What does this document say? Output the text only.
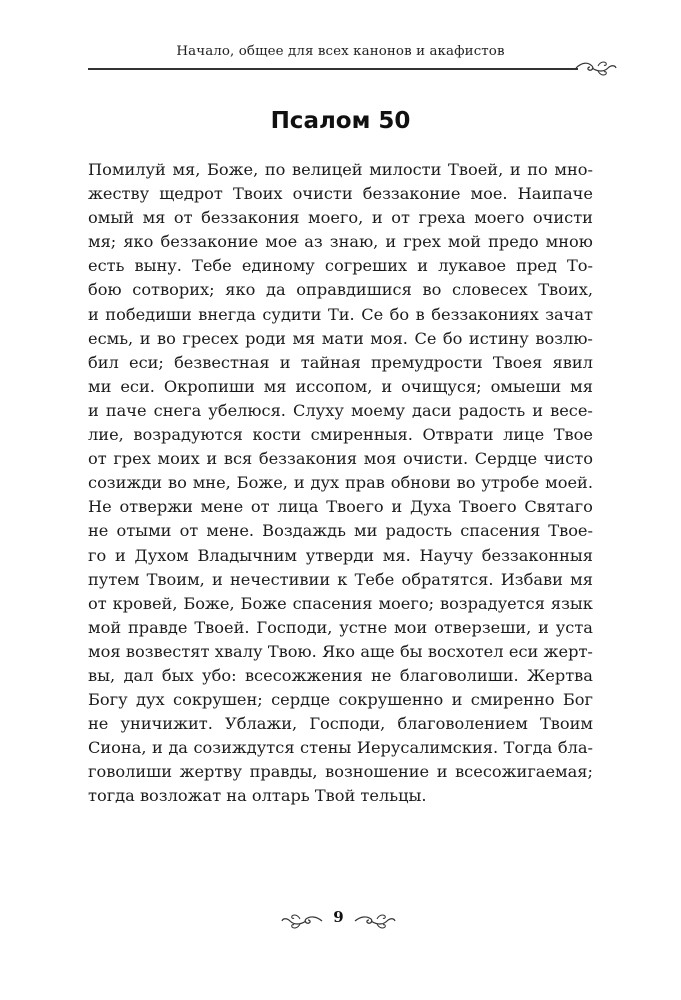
Начало, общее для всех канонов и акафистов
Псалом 50
Помилуй мя, Боже, по велицей милости Твоей, и по мно-
жеству щедрот Твоих очисти беззаконие мое. Наипаче
омый мя от беззакония моего, и от греха моего очисти
мя; яко беззаконие мое аз знаю, и грех мой предо мною
есть выну. Тебе единому согреших и лукавое пред То-
бою сотворих; яко да оправдишися во словесех Твоих,
и победиши внегда судити Ти. Се бо в беззакониях зачат
есмь, и во гресех роди мя мати моя. Се бо истину возлю-
бил еси; безвестная и тайная премудрости Твоея явил
ми еси. Окропиши мя иссопом, и очищуся; омыеши мя
и паче снега убелюся. Слуху моему даси радость и весе-
лие, возрадуются кости смиренныя. Отврати лице Твое
от грех моих и вся беззакония моя очисти. Сердце чисто
созижди во мне, Боже, и дух прав обнови во утробе моей.
Не отвержи мене от лица Твоего и Духа Твоего Святаго
не отыми от мене. Воздаждь ми радость спасения Твое-
го и Духом Владычним утверди мя. Научу беззаконныя
путем Твоим, и нечестивии к Тебе обратятся. Избави мя
от кровей, Боже, Боже спасения моего; возрадуется язык
мой правде Твоей. Господи, устне мои отверзеши, и уста
моя возвестят хвалу Твою. Яко аще бы восхотел еси жерт-
вы, дал бых убо: всесожжения не благоволиши. Жертва
Богу дух сокрушен; сердце сокрушенно и смиренно Бог
не уничижит. Ублажи, Господи, благоволением Твоим
Сиона, и да созиждутся стены Иерусалимския. Тогда бла-
говолиши жертву правды, возношение и всесожигаемая;
тогда возложат на олтарь Твой тельцы.
9
